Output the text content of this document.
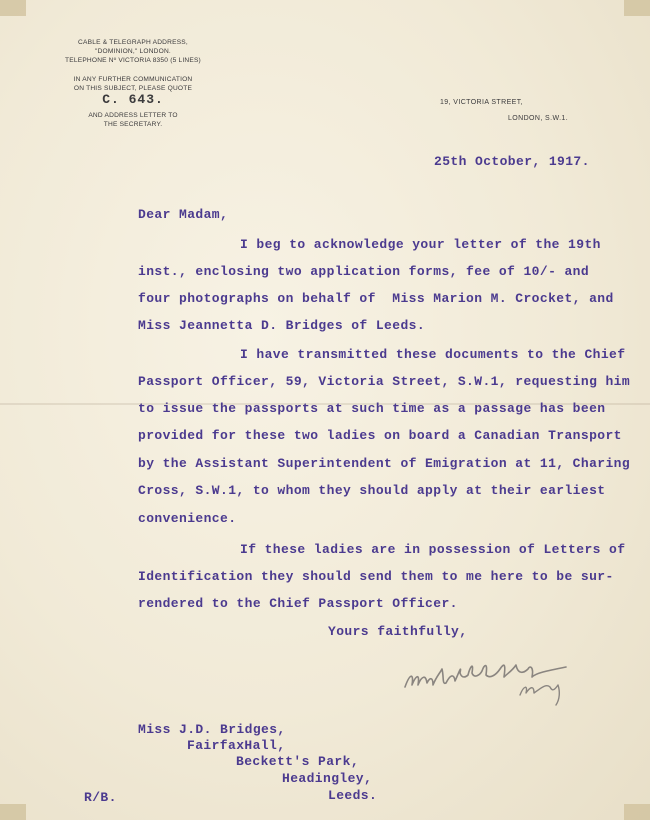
CABLE & TELEGRAPH ADDRESS,
"DOMINION," LONDON.
TELEPHONE Nº VICTORIA 8350 (5 LINES)
IN ANY FURTHER COMMUNICATION
ON THIS SUBJECT, PLEASE QUOTE
C. 643.
AND ADDRESS LETTER TO
THE SECRETARY.
19, VICTORIA STREET,
LONDON, S.W.1.
25th October, 1917.
Dear Madam,
I beg to acknowledge your letter of the 19th
inst., enclosing two application forms, fee of 10/- and
four photographs on behalf of  Miss Marion M. Crocket, and
Miss Jeannetta D. Bridges of Leeds.
I have transmitted these documents to the Chief
Passport Officer, 59, Victoria Street, S.W.1, requesting him
to issue the passports at such time as a passage has been
provided for these two ladies on board a Canadian Transport
by the Assistant Superintendent of Emigration at 11, Charing
Cross, S.W.1, to whom they should apply at their earliest
convenience.
If these ladies are in possession of Letters of
Identification they should send them to me here to be sur-
rendered to the Chief Passport Officer.
Yours faithfully,
Miss J.D. Bridges,
FairfaxHall,
Beckett's Park,
Headingley,
Leeds.
R/B.
